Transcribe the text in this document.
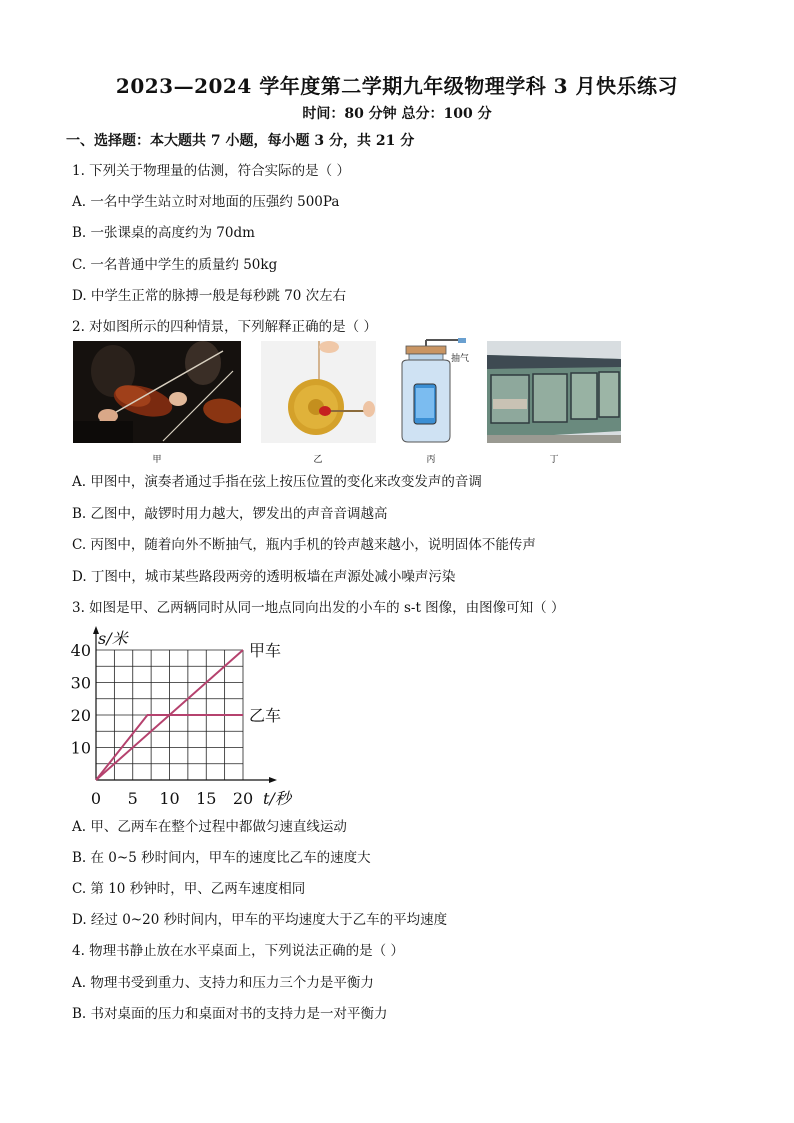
2023—2024 学年度第二学期九年级物理学科 3 月快乐练习
时间：80 分钟 总分：100 分
一、选择题：本大题共 7 小题，每小题 3 分，共 21 分
1. 下列关于物理量的估测，符合实际的是（ ）
A. 一名中学生站立时对地面的压强约 500Pa
B. 一张课桌的高度约为 70dm
C. 一名普通中学生的质量约 50kg
D. 中学生正常的脉搏一般是每秒跳 70 次左右
2. 对如图所示的四种情景，下列解释正确的是（ ）
抽气
甲	乙	丙	丁
A. 甲图中，演奏者通过手指在弦上按压位置的变化来改变发声的音调
B. 乙图中，敲锣时用力越大，锣发出的声音音调越高
C. 丙图中，随着向外不断抽气，瓶内手机的铃声越来越小，说明固体不能传声
D. 丁图中，城市某些路段两旁的透明板墙在声源处减小噪声污染
3. 如图是甲、乙两辆同时从同一地点同向出发的小车的 s-t 图像，由图像可知（ ）
0 5 10 15 20
10
20
30
40
s/米
t/秒
甲车
乙车
A. 甲、乙两车在整个过程中都做匀速直线运动
B. 在 0~5 秒时间内，甲车的速度比乙车的速度大
C. 第 10 秒钟时，甲、乙两车速度相同
D. 经过 0~20 秒时间内，甲车的平均速度大于乙车的平均速度
4. 物理书静止放在水平桌面上，下列说法正确的是（ ）
A. 物理书受到重力、支持力和压力三个力是平衡力
B. 书对桌面的压力和桌面对书的支持力是一对平衡力
